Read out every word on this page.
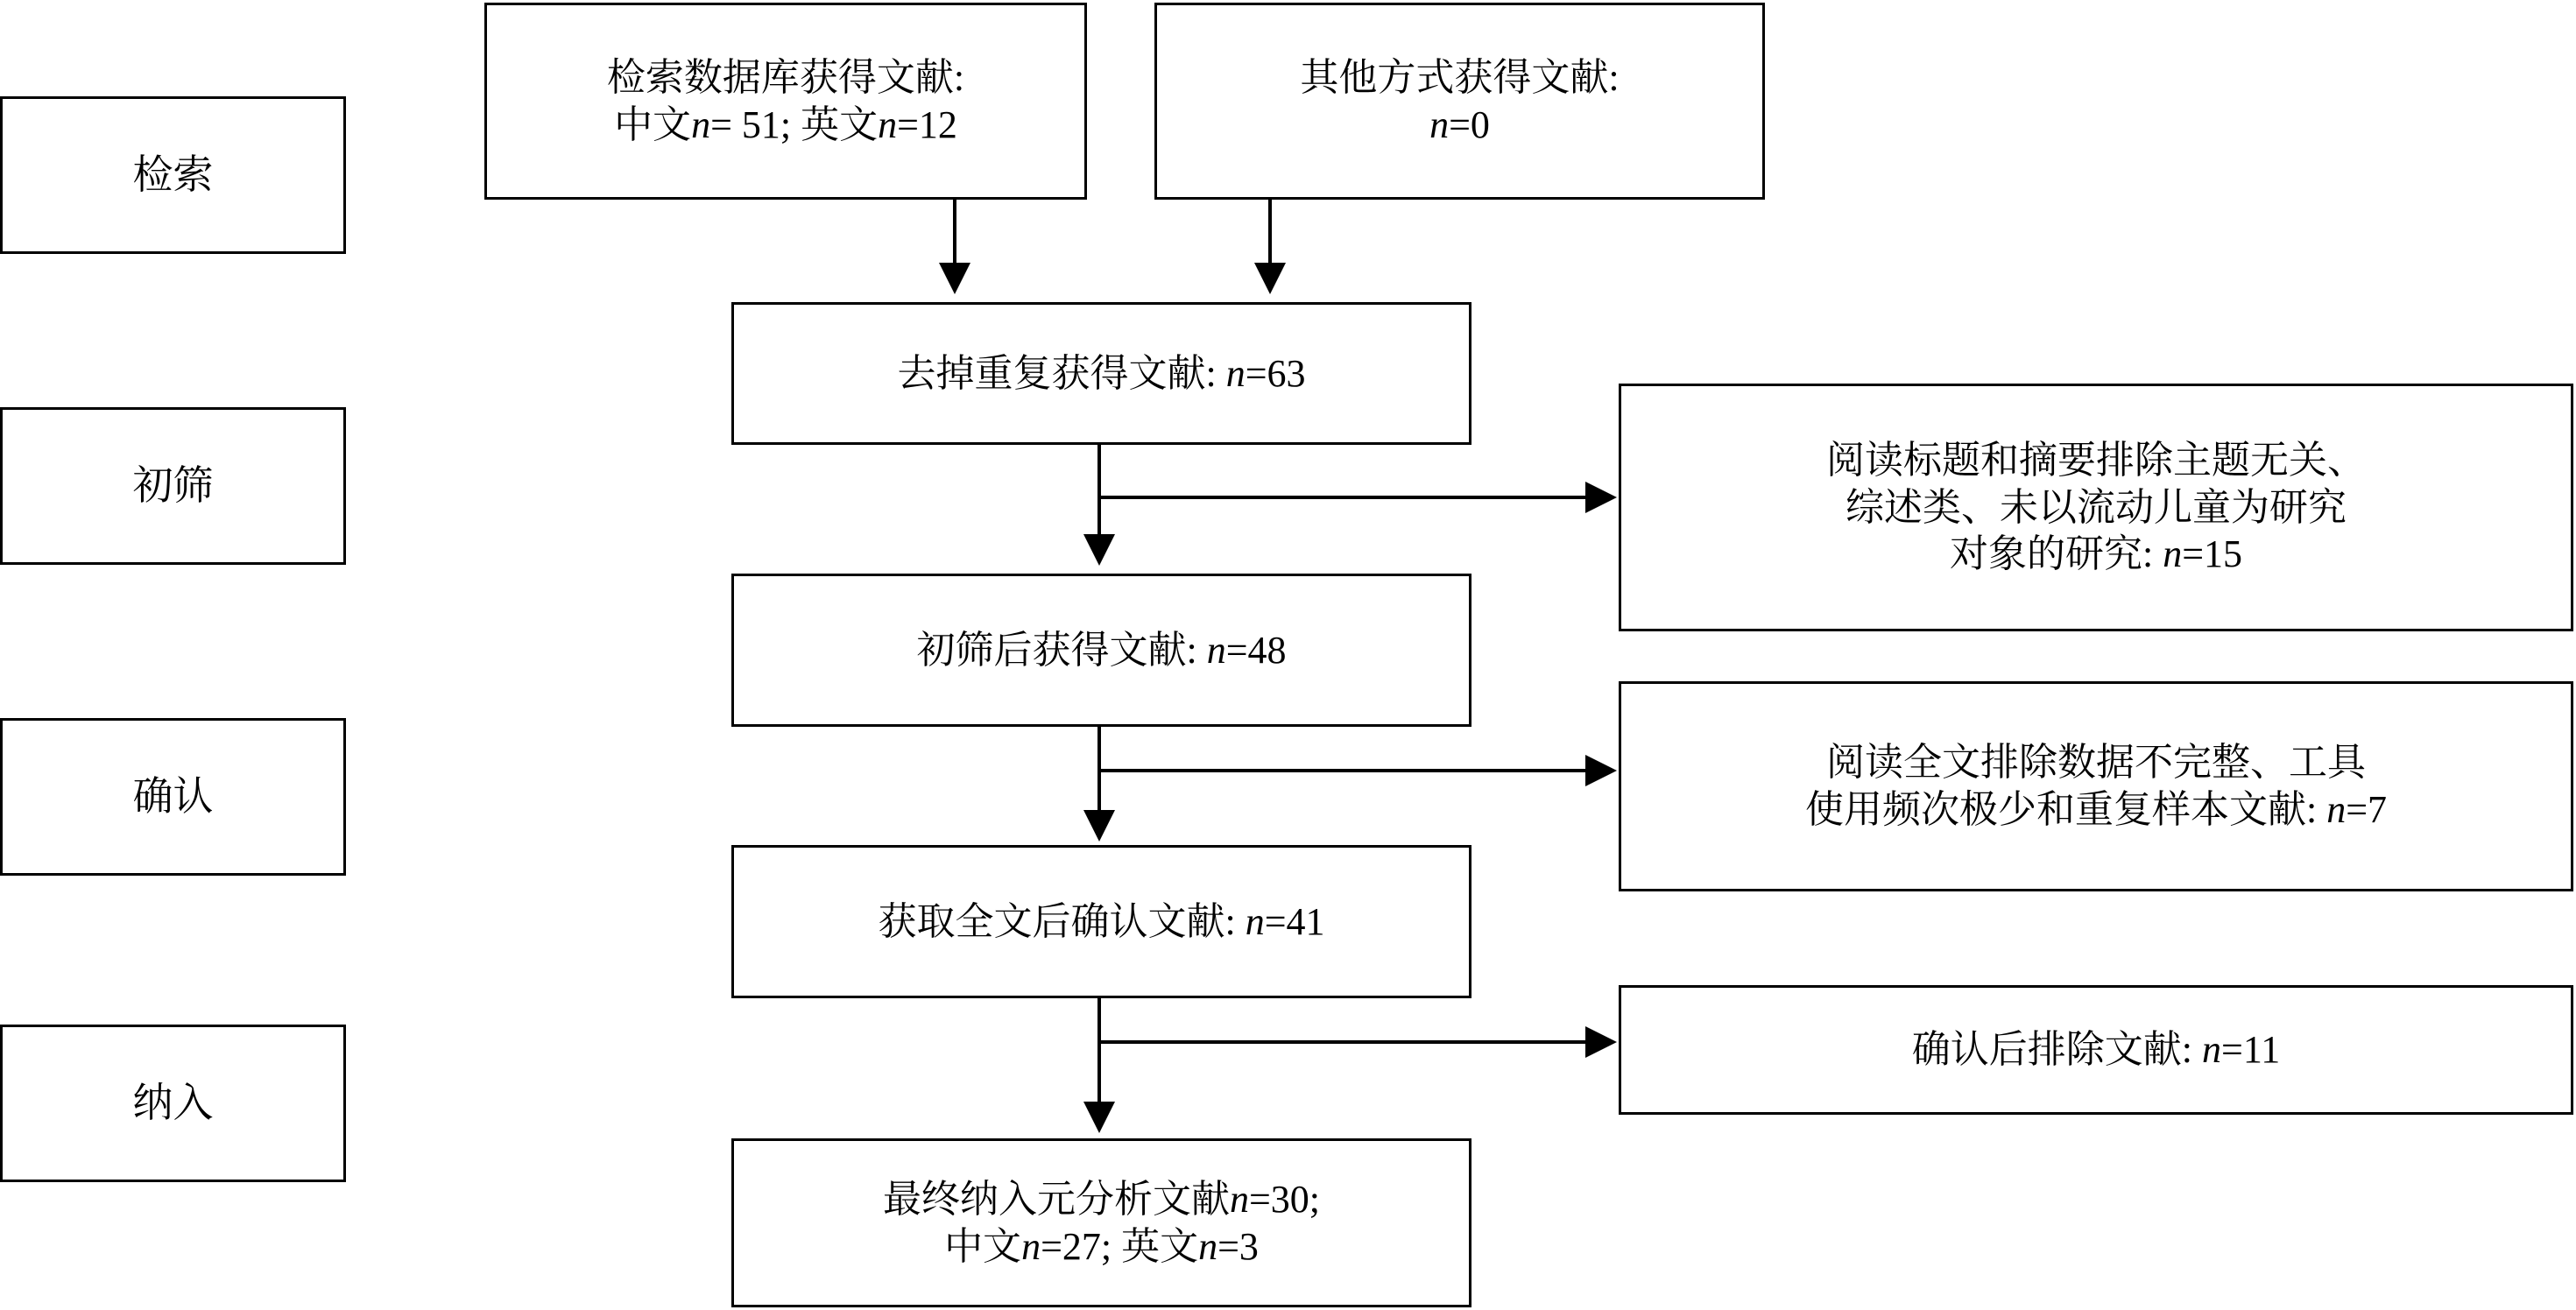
检索
初筛
确认
纳入
检索数据库获得文献:
中文n= 51; 英文n=12
其他方式获得文献:
n=0
去掉重复获得文献: n=63
初筛后获得文献: n=48
获取全文后确认文献: n=41
最终纳入元分析文献n=30;
中文n=27; 英文n=3
阅读标题和摘要排除主题无关、
综述类、未以流动儿童为研究
对象的研究: n=15
阅读全文排除数据不完整、工具
使用频次极少和重复样本文献: n=7
确认后排除文献: n=11
